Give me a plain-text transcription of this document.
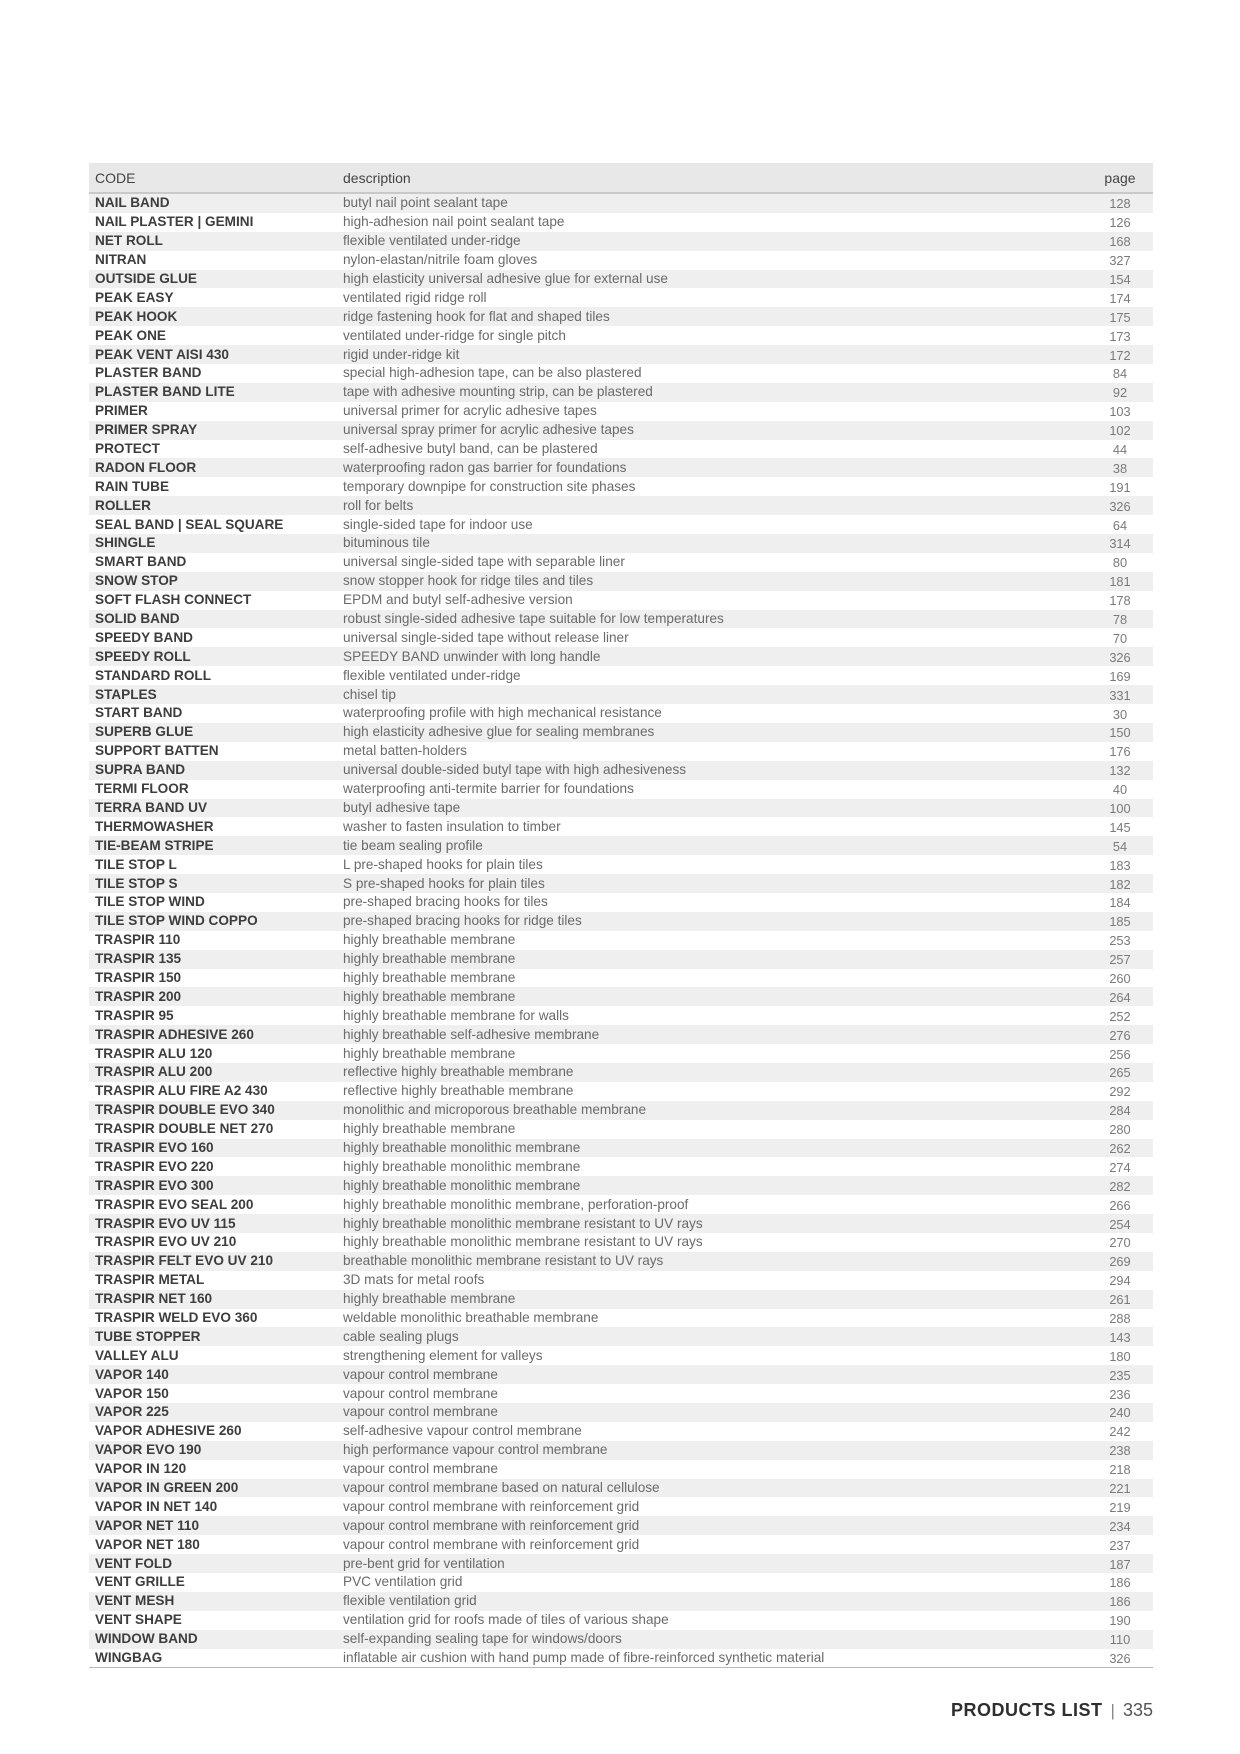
CODE	description	page
NAIL BAND	butyl nail point sealant tape	128
NAIL PLASTER | GEMINI	high-adhesion nail point sealant tape	126
NET ROLL	flexible ventilated under-ridge	168
NITRAN	nylon-elastan/nitrile foam gloves	327
OUTSIDE GLUE	high elasticity universal adhesive glue for external use	154
PEAK EASY	ventilated rigid ridge roll	174
PEAK HOOK	ridge fastening hook for flat and shaped tiles	175
PEAK ONE	ventilated under-ridge for single pitch	173
PEAK VENT AISI 430	rigid under-ridge kit	172
PLASTER BAND	special high-adhesion tape, can be also plastered	84
PLASTER BAND LITE	tape with adhesive mounting strip, can be plastered	92
PRIMER	universal primer for acrylic adhesive tapes	103
PRIMER SPRAY	universal spray primer for acrylic adhesive tapes	102
PROTECT	self-adhesive butyl band, can be plastered	44
RADON FLOOR	waterproofing radon gas barrier for foundations	38
RAIN TUBE	temporary downpipe for construction site phases	191
ROLLER	roll for belts	326
SEAL BAND | SEAL SQUARE	single-sided tape for indoor use	64
SHINGLE	bituminous tile	314
SMART BAND	universal single-sided tape with separable liner	80
SNOW STOP	snow stopper hook for ridge tiles and tiles	181
SOFT FLASH CONNECT	EPDM and butyl self-adhesive version	178
SOLID BAND	robust single-sided adhesive tape suitable for low temperatures	78
SPEEDY BAND	universal single-sided tape without release liner	70
SPEEDY ROLL	SPEEDY BAND unwinder with long handle	326
STANDARD ROLL	flexible ventilated under-ridge	169
STAPLES	chisel tip	331
START BAND	waterproofing profile with high mechanical resistance	30
SUPERB GLUE	high elasticity adhesive glue for sealing membranes	150
SUPPORT BATTEN	metal batten-holders	176
SUPRA BAND	universal double-sided butyl tape with high adhesiveness	132
TERMI FLOOR	waterproofing anti-termite barrier for foundations	40
TERRA BAND UV	butyl adhesive tape	100
THERMOWASHER	washer to fasten insulation to timber	145
TIE-BEAM STRIPE	tie beam sealing profile	54
TILE STOP L	L pre-shaped hooks for plain tiles	183
TILE STOP S	S pre-shaped hooks for plain tiles	182
TILE STOP WIND	pre-shaped bracing hooks for tiles	184
TILE STOP WIND COPPO	pre-shaped bracing hooks for ridge tiles	185
TRASPIR 110	highly breathable membrane	253
TRASPIR 135	highly breathable membrane	257
TRASPIR 150	highly breathable membrane	260
TRASPIR 200	highly breathable membrane	264
TRASPIR 95	highly breathable membrane for walls	252
TRASPIR ADHESIVE 260	highly breathable self-adhesive membrane	276
TRASPIR ALU 120	highly breathable membrane	256
TRASPIR ALU 200	reflective highly breathable membrane	265
TRASPIR ALU FIRE A2 430	reflective highly breathable membrane	292
TRASPIR DOUBLE EVO 340	monolithic and microporous breathable membrane	284
TRASPIR DOUBLE NET 270	highly breathable membrane	280
TRASPIR EVO 160	highly breathable monolithic membrane	262
TRASPIR EVO 220	highly breathable monolithic membrane	274
TRASPIR EVO 300	highly breathable monolithic membrane	282
TRASPIR EVO SEAL 200	highly breathable monolithic membrane, perforation-proof	266
TRASPIR EVO UV 115	highly breathable monolithic membrane resistant to UV rays	254
TRASPIR EVO UV 210	highly breathable monolithic membrane resistant to UV rays	270
TRASPIR FELT EVO UV 210	breathable monolithic membrane resistant to UV rays	269
TRASPIR METAL	3D mats for metal roofs	294
TRASPIR NET 160	highly breathable membrane	261
TRASPIR WELD EVO 360	weldable monolithic breathable membrane	288
TUBE STOPPER	cable sealing plugs	143
VALLEY ALU	strengthening element for valleys	180
VAPOR 140	vapour control membrane	235
VAPOR 150	vapour control membrane	236
VAPOR 225	vapour control membrane	240
VAPOR ADHESIVE 260	self-adhesive vapour control membrane	242
VAPOR EVO 190	high performance vapour control membrane	238
VAPOR IN 120	vapour control membrane	218
VAPOR IN GREEN 200	vapour control membrane based on natural cellulose	221
VAPOR IN NET 140	vapour control membrane with reinforcement grid	219
VAPOR NET 110	vapour control membrane with reinforcement grid	234
VAPOR NET 180	vapour control membrane with reinforcement grid	237
VENT FOLD	pre-bent grid for ventilation	187
VENT GRILLE	PVC ventilation grid	186
VENT MESH	flexible ventilation grid	186
VENT SHAPE	ventilation grid for roofs made of tiles of various shape	190
WINDOW BAND	self-expanding sealing tape for windows/doors	110
WINGBAG	inflatable air cushion with hand pump made of fibre-reinforced synthetic material	326
PRODUCTS LIST | 335
